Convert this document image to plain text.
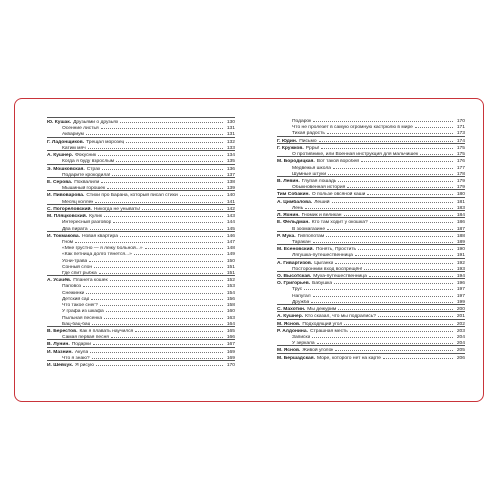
Ю. Кушак. Друзьями о друзьях	130
Осенние листья	131
Аквариум	131
Г. Ладонщиков. Трещал морозец	132
Катим мяч	133
А. Кушнер. Фокусник	134
Когда я буду взрослым	135
Э. Мошковская. Страх	136
Подарите крокодила!	137
Е. Серова. Похвалили	138
Мышиный горошек	139
И. Пивоварова. Стихи про Барана, который писал стихи	140
Месяц коллек	141
С. Погореловский. Никогда не унывать!	142
М. Пляцковский. Кулик	143
Интересный разговор	144
Два пирата	145
И. Токмакова. Новая квартира	146
Гном	147
«Мне грустно — я лежу больной...»	148
«Как петница долго тянется...»	149
Усни-трава	150
Сонный слон	151
Где спит рыбка	151
А. Усачёв. Планета кошек	152
Паповоз	153
Снежинки	154
Детский сад	156
Что такое снег?	158
У графа из шкафа	160
Пыльная песенка	163
Бац-бац-бац	164
В. Берестов. Как я плавать научился	165
Самая первая песня	166
В. Лунин. Подарки	167
И. Мазнин. Акула	169
Что я знаю?	169
И. Шевчук. Я рисую	170
Подарок	170
Что не пролезет в самую огромную кастрюлю в мире	171
Тихая радость	173
Г. Юдин. Письмо	174
Г. Кружков. Ррры!	175
О противнике, или Военная инструкция для мальчишек	175
М. Бородицкая. Вот такой воробей	176
Медвежья школа	177
Шумные штуки	178
В. Левин. Глупая лошадь	179
Обыкновенная история	179
Тим Собакин. О пользе овсяной каши	180
А. Цимбалова. Леший	181
Лень	183
Л. Яхнин. Гномик и великан	184
Е. Фельдман. Кто там ходит у окошка?	186
В зоомагазине	187
Р. Мука. Гиппопотам	188
Таракан	189
М. Есеновский. Понять, Простить	190
Лягушка-путешественница	191
А. Гиваргизов. Цыганка	192
Посторонним вход воспрещён!	193
О. Высотская. Муха-путешественница	194
О. Григорьев. Бабушка	196
Трус	197
Напугал	197
Дружба	199
С. Махотин. Мы дежурим	200
А. Кушнер. Кто сказал, что мы подрались?	201
М. Яснов. Подходящий угол	202
Р. Алдонина. Страшная месть	203
Записка	204
У зеркала	204
М. Яснов. Живой уголок	205
М. Бершадская. Море, которого нет на карте	206
